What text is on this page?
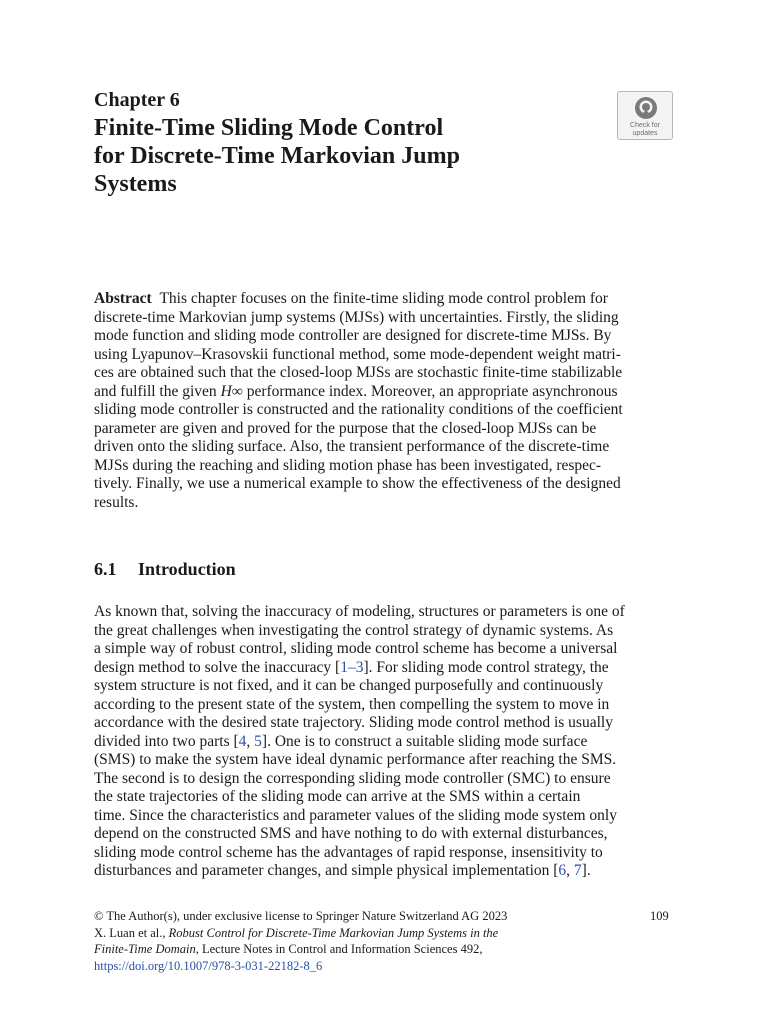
Chapter 6
Finite-Time Sliding Mode Control
for Discrete-Time Markovian Jump
Systems
Check for
updates
Abstract This chapter focuses on the finite-time sliding mode control problem for
discrete-time Markovian jump systems (MJSs) with uncertainties. Firstly, the sliding
mode function and sliding mode controller are designed for discrete-time MJSs. By
using Lyapunov–Krasovskii functional method, some mode-dependent weight matri-
ces are obtained such that the closed-loop MJSs are stochastic finite-time stabilizable
and fulfill the given H∞ performance index. Moreover, an appropriate asynchronous
sliding mode controller is constructed and the rationality conditions of the coefficient
parameter are given and proved for the purpose that the closed-loop MJSs can be
driven onto the sliding surface. Also, the transient performance of the discrete-time
MJSs during the reaching and sliding motion phase has been investigated, respec-
tively. Finally, we use a numerical example to show the effectiveness of the designed
results.
6.1 Introduction
As known that, solving the inaccuracy of modeling, structures or parameters is one of
the great challenges when investigating the control strategy of dynamic systems. As
a simple way of robust control, sliding mode control scheme has become a universal
design method to solve the inaccuracy [1–3]. For sliding mode control strategy, the
system structure is not fixed, and it can be changed purposefully and continuously
according to the present state of the system, then compelling the system to move in
accordance with the desired state trajectory. Sliding mode control method is usually
divided into two parts [4, 5]. One is to construct a suitable sliding mode surface
(SMS) to make the system have ideal dynamic performance after reaching the SMS.
The second is to design the corresponding sliding mode controller (SMC) to ensure
the state trajectories of the sliding mode can arrive at the SMS within a certain
time. Since the characteristics and parameter values of the sliding mode system only
depend on the constructed SMS and have nothing to do with external disturbances,
sliding mode control scheme has the advantages of rapid response, insensitivity to
disturbances and parameter changes, and simple physical implementation [6, 7].
© The Author(s), under exclusive license to Springer Nature Switzerland AG 2023
X. Luan et al., Robust Control for Discrete-Time Markovian Jump Systems in the
Finite-Time Domain, Lecture Notes in Control and Information Sciences 492,
https://doi.org/10.1007/978-3-031-22182-8_6
109
